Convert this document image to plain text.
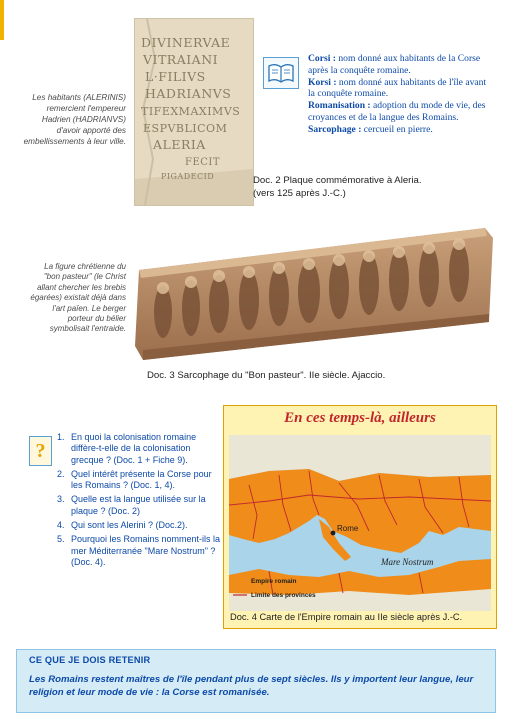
DIVINERVAE
VITRAIANI
L·FILIVS
HADRIANVS
TIFEXMAXIMVS
ESPVBLICOM
ALERIA
FECIT
PIGADECID
Les habitants (ALERINIS) remercient l'empereur Hadrien (HADRIANVS) d'avoir apporté des embellissements à leur ville.
Corsi : nom donné aux habitants de la Corse après la conquête romaine.
Korsi : nom donné aux habitants de l'île avant la conquête romaine.
Romanisation : adoption du mode de vie, des croyances et de la langue des Romains.
Sarcophage : cercueil en pierre.
Doc. 2 Plaque commémorative à Aleria.
(vers 125 après J.-C.)
La figure chrétienne du "bon pasteur" (le Christ allant chercher les brebis égarées) existait déjà dans l'art païen. Le berger porteur du bélier symbolisait l'entraide.
Doc. 3 Sarcophage du "Bon pasteur". IIe siècle. Ajaccio.
?
1. En quoi la colonisation romaine diffère-t-elle de la colonisation grecque ? (Doc. 1 + Fiche 9).
2. Quel intérêt présente la Corse pour les Romains ? (Doc. 1, 4).
3. Quelle est la langue utilisée sur la plaque ? (Doc. 2)
4. Qui sont les Alerini ? (Doc.2).
5. Pourquoi les Romains nomment-ils la mer Méditerranée "Mare Nostrum" ? (Doc. 4).
En ces temps-là, ailleurs
Rome
Mare Nostrum
Empire romain
Limite des provinces
Doc. 4 Carte de l'Empire romain au IIe siècle après J.-C.
CE QUE JE DOIS RETENIR
Les Romains restent maîtres de l'île pendant plus de sept siècles. Ils y importent leur langue, leur religion et leur mode de vie : la Corse est romanisée.
